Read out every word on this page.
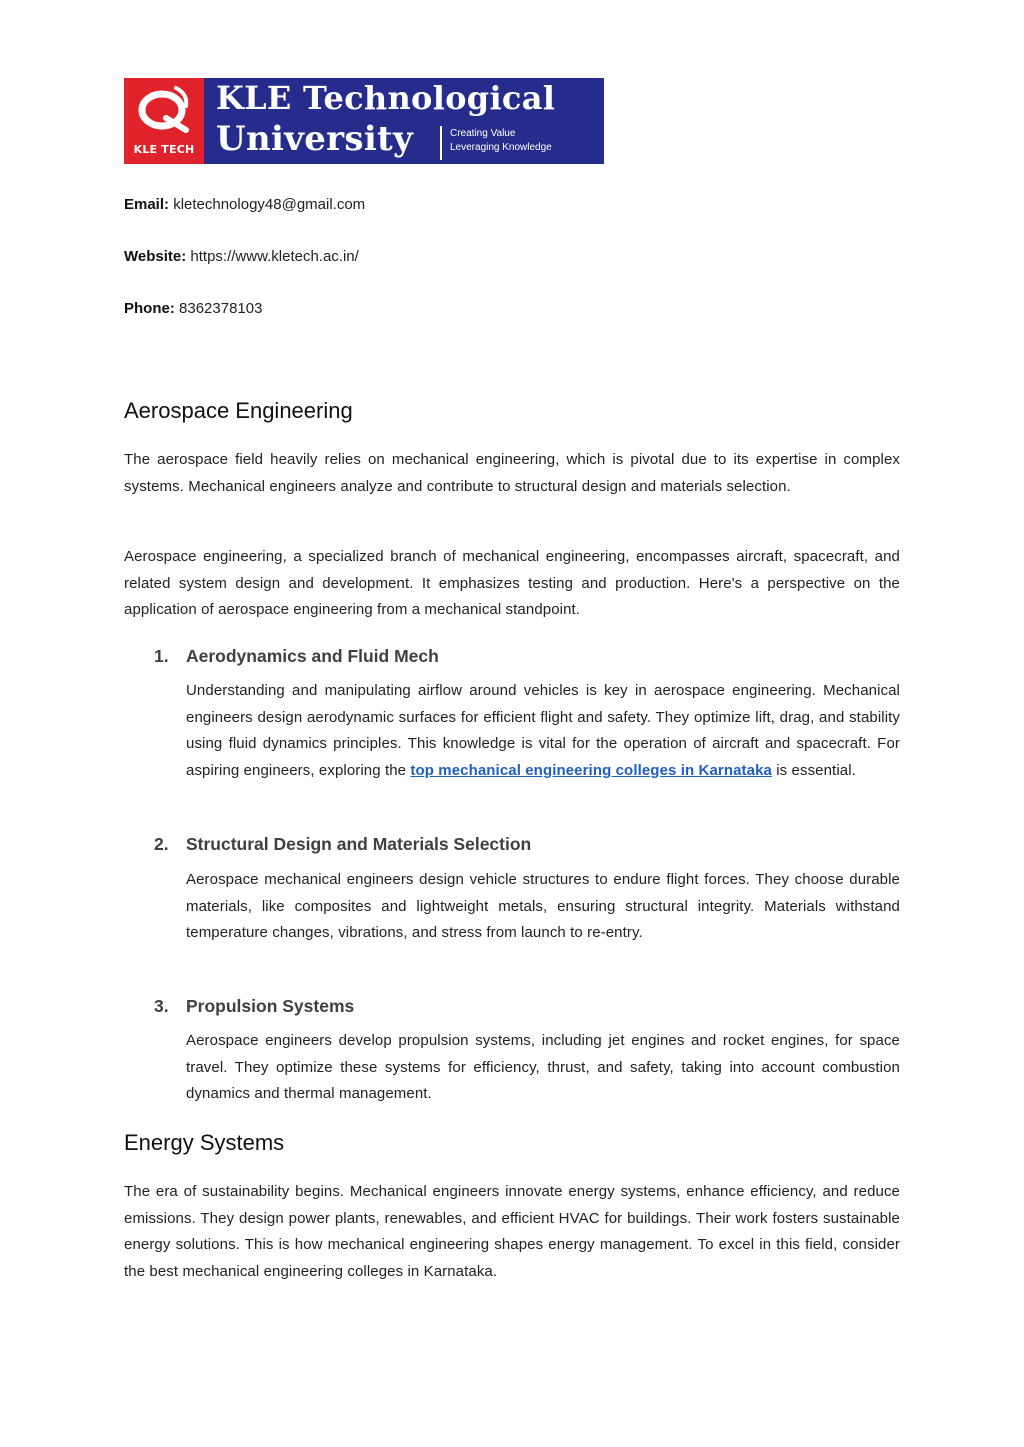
KLE TECH
KLE Technological
University	Creating Value
Leveraging Knowledge
Email: kletechnology48@gmail.com
Website: https://www.kletech.ac.in/
Phone: 8362378103
Aerospace Engineering

The aerospace field heavily relies on mechanical engineering, which is pivotal due to its expertise in complex systems. Mechanical engineers analyze and contribute to structural design and materials selection.

Aerospace engineering, a specialized branch of mechanical engineering, encompasses aircraft, spacecraft, and related system design and development. It emphasizes testing and production. Here's a perspective on the application of aerospace engineering from a mechanical standpoint.

1. Aerodynamics and Fluid Mech

Understanding and manipulating airflow around vehicles is key in aerospace engineering. Mechanical engineers design aerodynamic surfaces for efficient flight and safety. They optimize lift, drag, and stability using fluid dynamics principles. This knowledge is vital for the operation of aircraft and spacecraft. For aspiring engineers, exploring the top mechanical engineering colleges in Karnataka is essential.

2. Structural Design and Materials Selection

Aerospace mechanical engineers design vehicle structures to endure flight forces. They choose durable materials, like composites and lightweight metals, ensuring structural integrity. Materials withstand temperature changes, vibrations, and stress from launch to re-entry.

3. Propulsion Systems

Aerospace engineers develop propulsion systems, including jet engines and rocket engines, for space travel. They optimize these systems for efficiency, thrust, and safety, taking into account combustion dynamics and thermal management.

Energy Systems

The era of sustainability begins. Mechanical engineers innovate energy systems, enhance efficiency, and reduce emissions. They design power plants, renewables, and efficient HVAC for buildings. Their work fosters sustainable energy solutions. This is how mechanical engineering shapes energy management. To excel in this field, consider the best mechanical engineering colleges in Karnataka.
